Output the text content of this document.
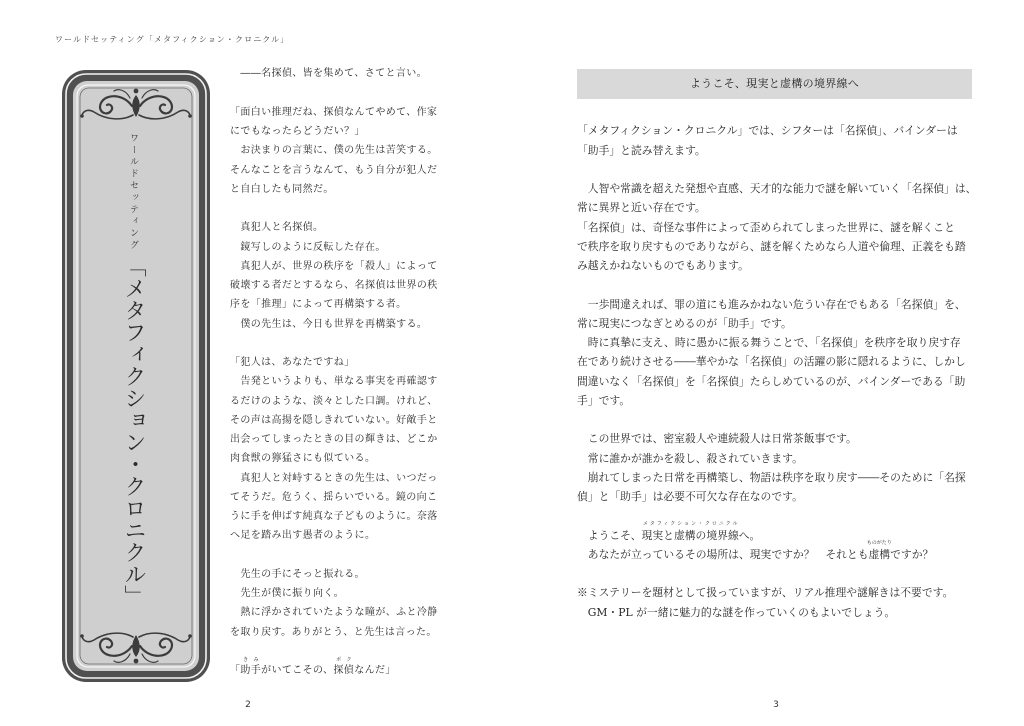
ワールドセッティング「メタフィクション・クロニクル」
ワールドセッティング
「メタフィクション・クロニクル」
　――名探偵、皆を集めて、さてと言い。
「面白い推理だね、探偵なんてやめて、作家
にでもなったらどうだい？」
　お決まりの言葉に、僕の先生は苦笑する。
そんなことを言うなんて、もう自分が犯人だ
と自白したも同然だ。
　真犯人と名探偵。
　鏡写しのように反転した存在。
　真犯人が、世界の秩序を「殺人」によって
破壊する者だとするなら、名探偵は世界の秩
序を「推理」によって再構築する者。
　僕の先生は、今日も世界を再構築する。
「犯人は、あなたですね」
　告発というよりも、単なる事実を再確認す
るだけのような、淡々とした口調。けれど、
その声は高揚を隠しきれていない。好敵手と
出会ってしまったときの目の輝きは、どこか
肉食獣の獰猛さにも似ている。
　真犯人と対峙するときの先生は、いつだっ
てそうだ。危うく、揺らいでいる。鏡の向こ
うに手を伸ばす純真な子どものように。奈落
へ足を踏み出す愚者のように。
　先生の手にそっと振れる。
　先生が僕に振り向く。
　熱に浮かされていたような瞳が、ふと冷静
を取り戻す。ありがとう、と先生は言った。
「助手
きみ
がいてこその、探偵
ボク
なんだ」
2
ようこそ、現実と虚構の境界線へ
「メタフィクション・クロニクル」では、シフターは「名探偵」、バインダーは
「助手」と読み替えます。
　人智や常識を超えた発想や直感、天才的な能力で謎を解いていく「名探偵」は、
常に異界と近い存在です。
「名探偵」は、奇怪な事件によって歪められてしまった世界に、謎を解くこと
で秩序を取り戻すものでありながら、謎を解くためなら人道や倫理、正義をも踏
み越えかねないものでもあります。
　一歩間違えれば、罪の道にも進みかねない危うい存在でもある「名探偵」を、
常に現実につなぎとめるのが「助手」です。
　時に真摯に支え、時に愚かに振る舞うことで、「名探偵」を秩序を取り戻す存
在であり続けさせる――華やかな「名探偵」の活躍の影に隠れるように、しかし
間違いなく「名探偵」を「名探偵」たらしめているのが、バインダーである「助
手」です。
　この世界では、密室殺人や連続殺人は日常茶飯事です。
　常に誰かが誰かを殺し、殺されていきます。
　崩れてしまった日常を再構築し、物語は秩序を取り戻す――そのために「名探
偵」と「助手」は必要不可欠な存在なのです。
　ようこそ、現実と虚構の境界線
メタフィクション・クロニクル
へ。
　あなたが立っているその場所は、現実ですか？　それとも虚構
ものがたり
ですか？
※ミステリーを題材として扱っていますが、リアル推理や謎解きは不要です。
　GM・PL が一緒に魅力的な謎を作っていくのもよいでしょう。
3
